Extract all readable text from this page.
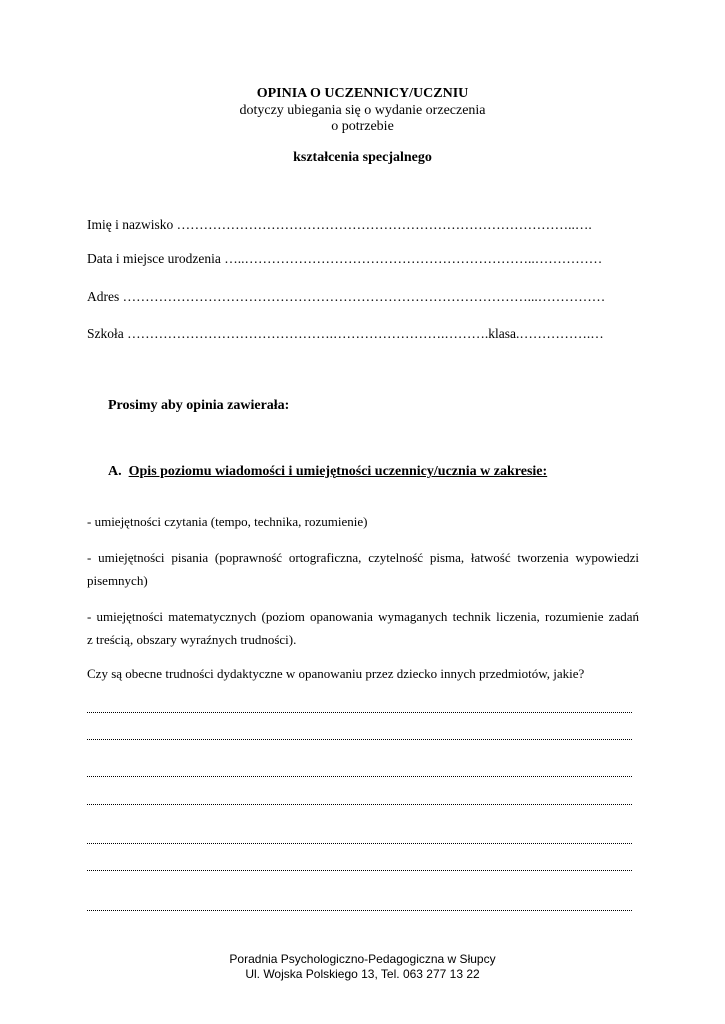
OPINIA O UCZENNICY/UCZNIU
dotyczy ubiegania się o wydanie orzeczenia
o potrzebie
kształcenia specjalnego
Imię i nazwisko ……………………………………………………………………………..….
Data i miejsce urodzenia …..………………………………………………………..……………
Adres ………………………………………………………………………………...……………
Szkoła ……………………………………….…………………….……….klasa.…………….…
Prosimy aby opinia zawierała:
A. Opis poziomu wiadomości i umiejętności uczennicy/ucznia w zakresie:
- umiejętności czytania (tempo, technika, rozumienie)
- umiejętności pisania (poprawność ortograficzna, czytelność pisma, łatwość tworzenia wypowiedzi
pisemnych)
- umiejętności matematycznych (poziom opanowania wymaganych technik liczenia, rozumienie zadań
z treścią, obszary wyraźnych trudności).
Czy są obecne trudności dydaktyczne w opanowaniu przez dziecko innych przedmiotów, jakie?
Poradnia Psychologiczno-Pedagogiczna w Słupcy
Ul. Wojska Polskiego 13, Tel. 063 277 13 22
